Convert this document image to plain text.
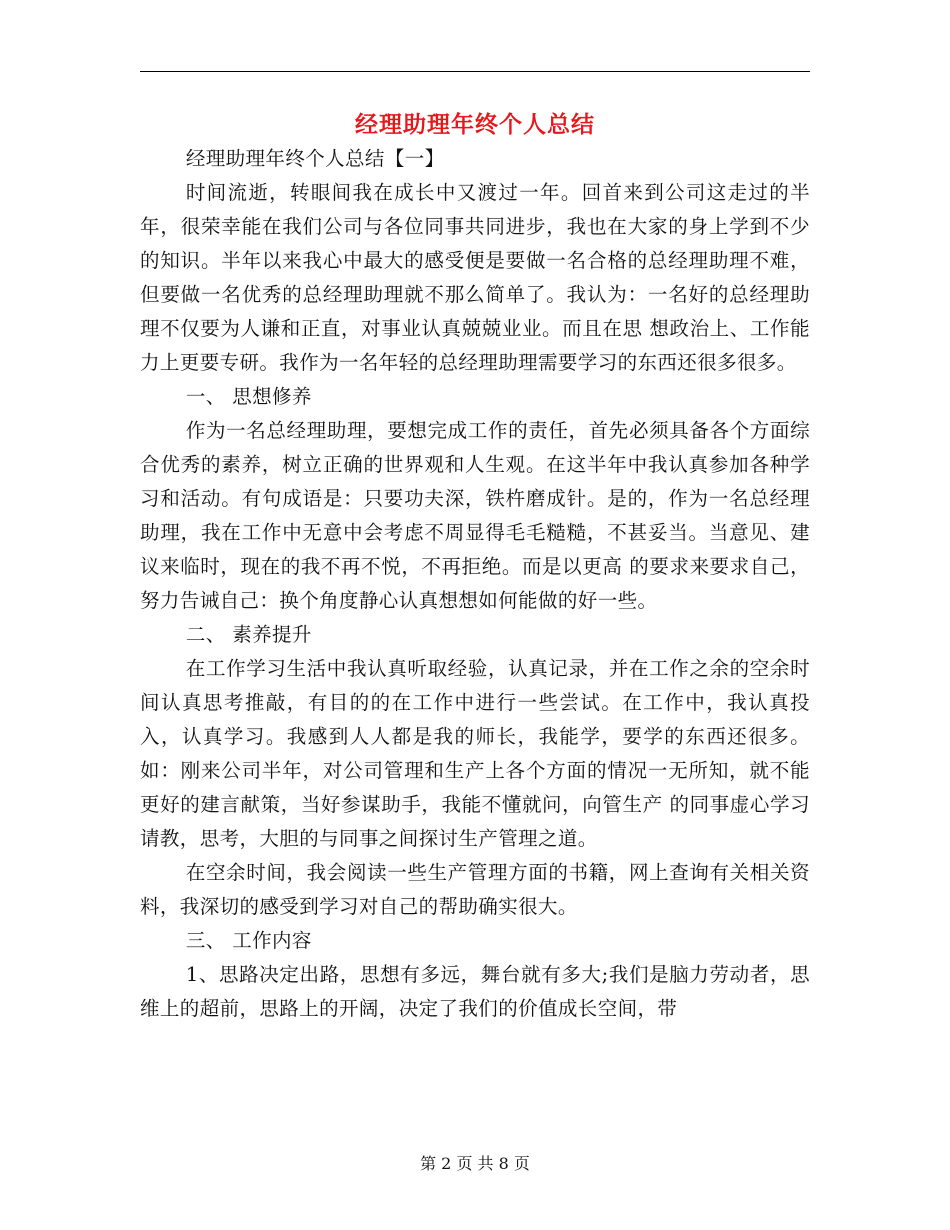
经理助理年终个人总结

经理助理年终个人总结【一】

时间流逝，转眼间我在成长中又渡过一年。回首来到公司这走过的半年，很荣幸能在我们公司与各位同事共同进步，我也在大家的身上学到不少的知识。半年以来我心中最大的感受便是要做一名合格的总经理助理不难，但要做一名优秀的总经理助理就不那么简单了。我认为：一名好的总经理助理不仅要为人谦和正直，对事业认真兢兢业业。而且在思 想政治上、工作能力上更要专研。我作为一名年轻的总经理助理需要学习的东西还很多很多。

一、 思想修养

作为一名总经理助理，要想完成工作的责任，首先必须具备各个方面综合优秀的素养，树立正确的世界观和人生观。在这半年中我认真参加各种学习和活动。有句成语是：只要功夫深，铁杵磨成针。是的，作为一名总经理助理，我在工作中无意中会考虑不周显得毛毛糙糙，不甚妥当。当意见、建议来临时，现在的我不再不悦，不再拒绝。而是以更高 的要求来要求自己，努力告诫自己：换个角度静心认真想想如何能做的好一些。

二、 素养提升

在工作学习生活中我认真听取经验，认真记录，并在工作之余的空余时间认真思考推敲，有目的的在工作中进行一些尝试。在工作中，我认真投入，认真学习。我感到人人都是我的师长，我能学，要学的东西还很多。如：刚来公司半年，对公司管理和生产上各个方面的情况一无所知，就不能更好的建言献策，当好参谋助手，我能不懂就问，向管生产 的同事虚心学习请教，思考，大胆的与同事之间探讨生产管理之道。

在空余时间，我会阅读一些生产管理方面的书籍，网上查询有关相关资料，我深切的感受到学习对自己的帮助确实很大。

三、 工作内容

1、思路决定出路，思想有多远，舞台就有多大;我们是脑力劳动者，思维上的超前，思路上的开阔，决定了我们的价值成长空间，带

第 2 页 共 8 页
